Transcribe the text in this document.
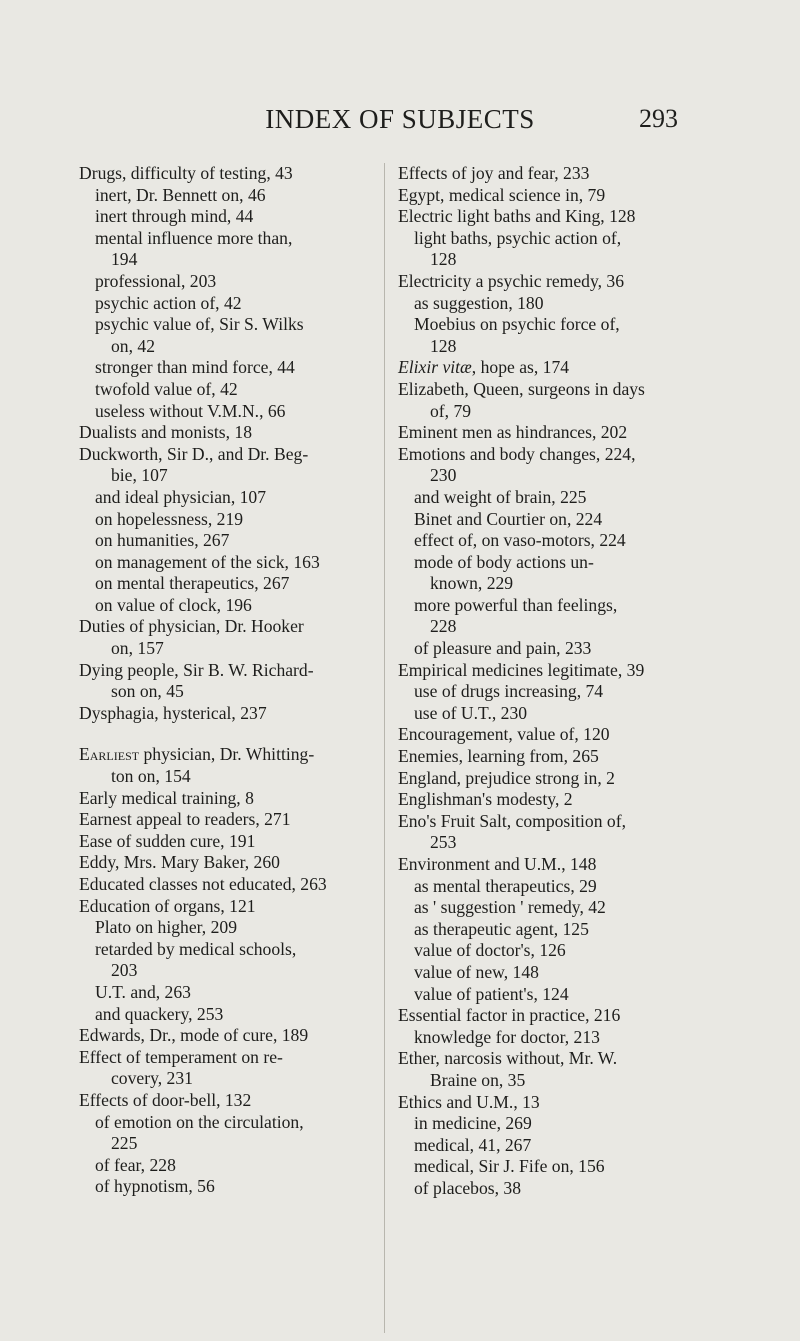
INDEX OF SUBJECTS	293
Drugs, difficulty of testing, 43
inert, Dr. Bennett on, 46
inert through mind, 44
mental influence more than,
194
professional, 203
psychic action of, 42
psychic value of, Sir S. Wilks
on, 42
stronger than mind force, 44
twofold value of, 42
useless without V.M.N., 66
Dualists and monists, 18
Duckworth, Sir D., and Dr. Beg-
bie, 107
and ideal physician, 107
on hopelessness, 219
on humanities, 267
on management of the sick, 163
on mental therapeutics, 267
on value of clock, 196
Duties of physician, Dr. Hooker
on, 157
Dying people, Sir B. W. Richard-
son on, 45
Dysphagia, hysterical, 237
Earliest physician, Dr. Whitting-
ton on, 154
Early medical training, 8
Earnest appeal to readers, 271
Ease of sudden cure, 191
Eddy, Mrs. Mary Baker, 260
Educated classes not educated, 263
Education of organs, 121
Plato on higher, 209
retarded by medical schools,
203
U.T. and, 263
and quackery, 253
Edwards, Dr., mode of cure, 189
Effect of temperament on re-
covery, 231
Effects of door-bell, 132
of emotion on the circulation,
225
of fear, 228
of hypnotism, 56
Effects of joy and fear, 233
Egypt, medical science in, 79
Electric light baths and King, 128
light baths, psychic action of,
128
Electricity a psychic remedy, 36
as suggestion, 180
Moebius on psychic force of,
128
Elixir vitæ, hope as, 174
Elizabeth, Queen, surgeons in days
of, 79
Eminent men as hindrances, 202
Emotions and body changes, 224,
230
and weight of brain, 225
Binet and Courtier on, 224
effect of, on vaso-motors, 224
mode of body actions un-
known, 229
more powerful than feelings,
228
of pleasure and pain, 233
Empirical medicines legitimate, 39
use of drugs increasing, 74
use of U.T., 230
Encouragement, value of, 120
Enemies, learning from, 265
England, prejudice strong in, 2
Englishman's modesty, 2
Eno's Fruit Salt, composition of,
253
Environment and U.M., 148
as mental therapeutics, 29
as ' suggestion ' remedy, 42
as therapeutic agent, 125
value of doctor's, 126
value of new, 148
value of patient's, 124
Essential factor in practice, 216
knowledge for doctor, 213
Ether, narcosis without, Mr. W.
Braine on, 35
Ethics and U.M., 13
in medicine, 269
medical, 41, 267
medical, Sir J. Fife on, 156
of placebos, 38
